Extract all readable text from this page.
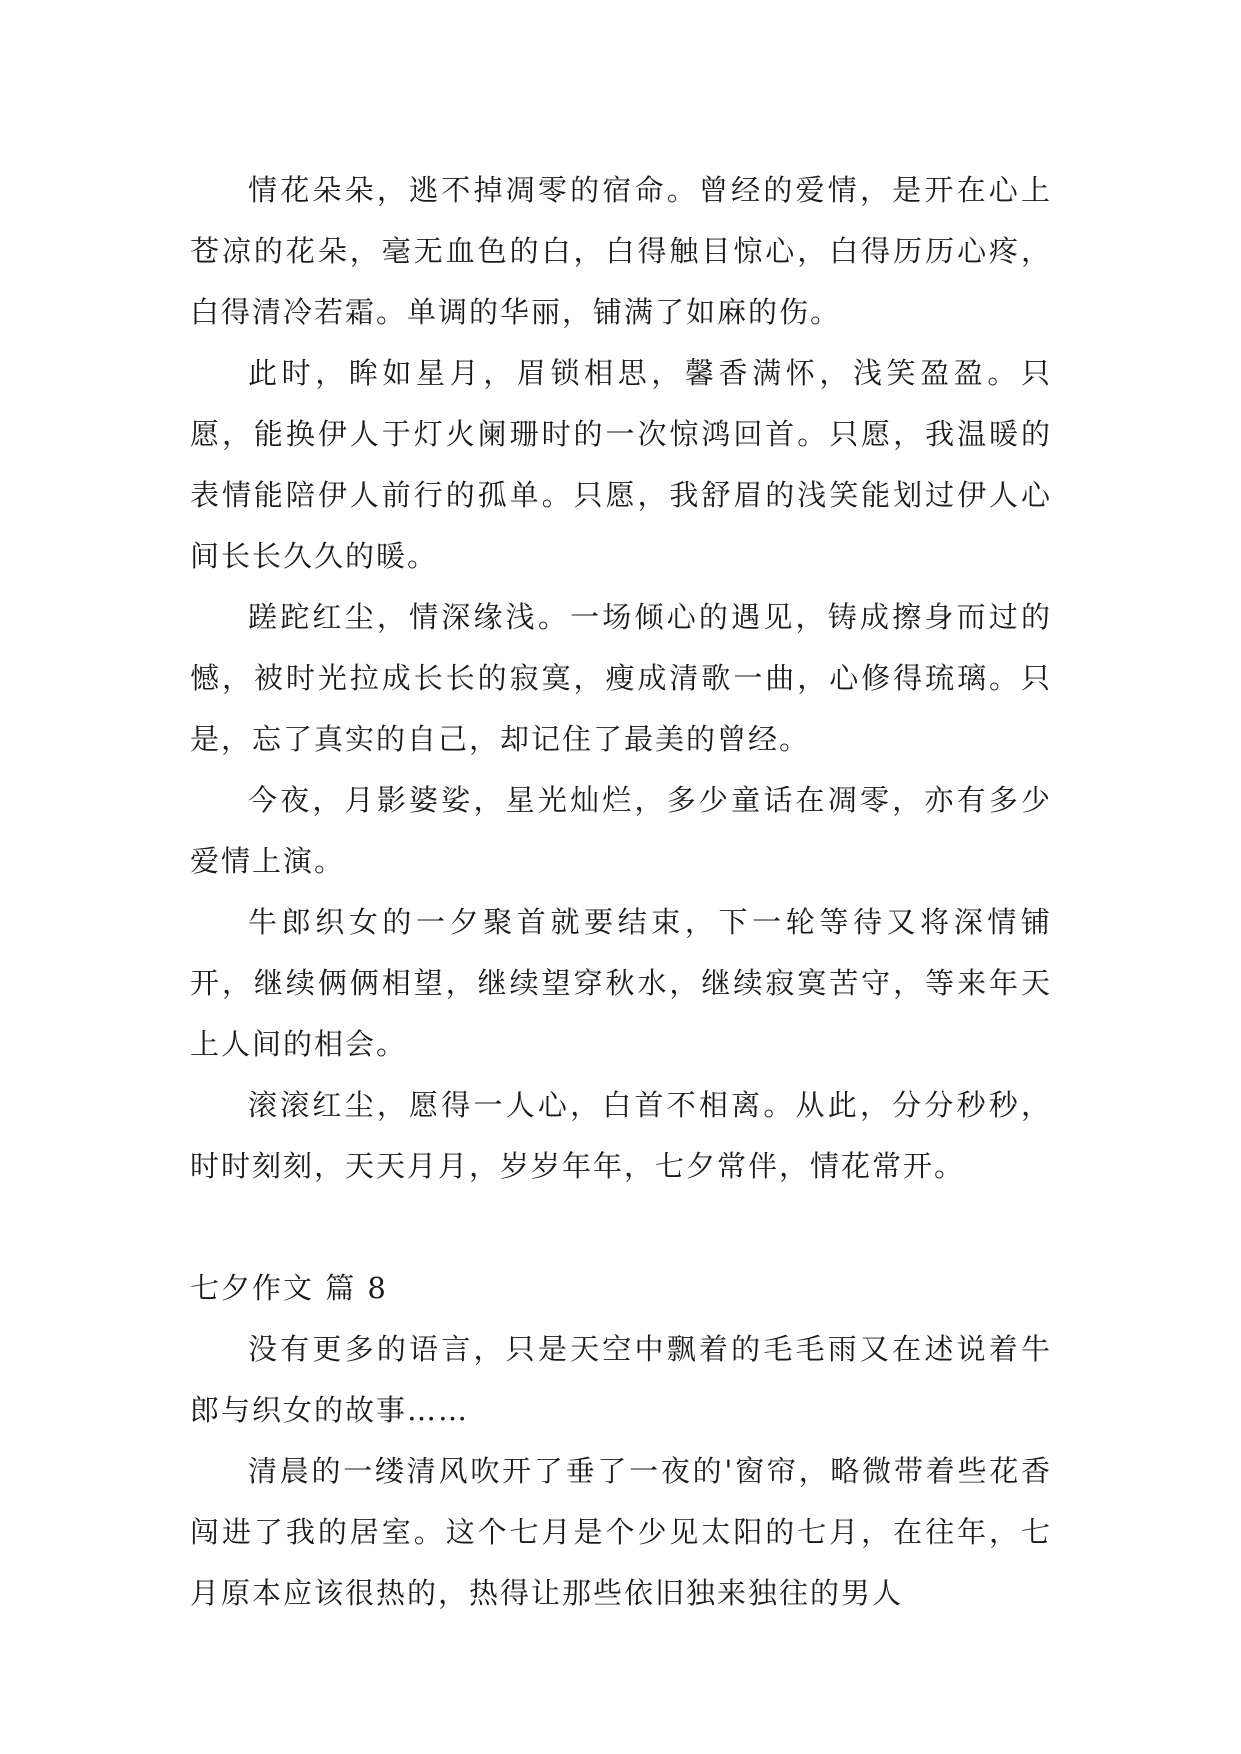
情花朵朵，逃不掉凋零的宿命。曾经的爱情，是开在心上苍凉的花朵，毫无血色的白，白得触目惊心，白得历历心疼，白得清冷若霜。单调的华丽，铺满了如麻的伤。

此时，眸如星月，眉锁相思，馨香满怀，浅笑盈盈。只愿，能换伊人于灯火阑珊时的一次惊鸿回首。只愿，我温暖的表情能陪伊人前行的孤单。只愿，我舒眉的浅笑能划过伊人心间长长久久的暖。

蹉跎红尘，情深缘浅。一场倾心的遇见，铸成擦身而过的憾，被时光拉成长长的寂寞，瘦成清歌一曲，心修得琉璃。只是，忘了真实的自己，却记住了最美的曾经。

今夜，月影婆娑，星光灿烂，多少童话在凋零，亦有多少爱情上演。

牛郎织女的一夕聚首就要结束，下一轮等待又将深情铺开，继续俩俩相望，继续望穿秋水，继续寂寞苦守，等来年天上人间的相会。

滚滚红尘，愿得一人心，白首不相离。从此，分分秒秒，时时刻刻，天天月月，岁岁年年，七夕常伴，情花常开。

七夕作文 篇 8

没有更多的语言，只是天空中飘着的毛毛雨又在述说着牛郎与织女的故事……

清晨的一缕清风吹开了垂了一夜的'窗帘，略微带着些花香闯进了我的居室。这个七月是个少见太阳的七月，在往年，七月原本应该很热的，热得让那些依旧独来独往的男人
